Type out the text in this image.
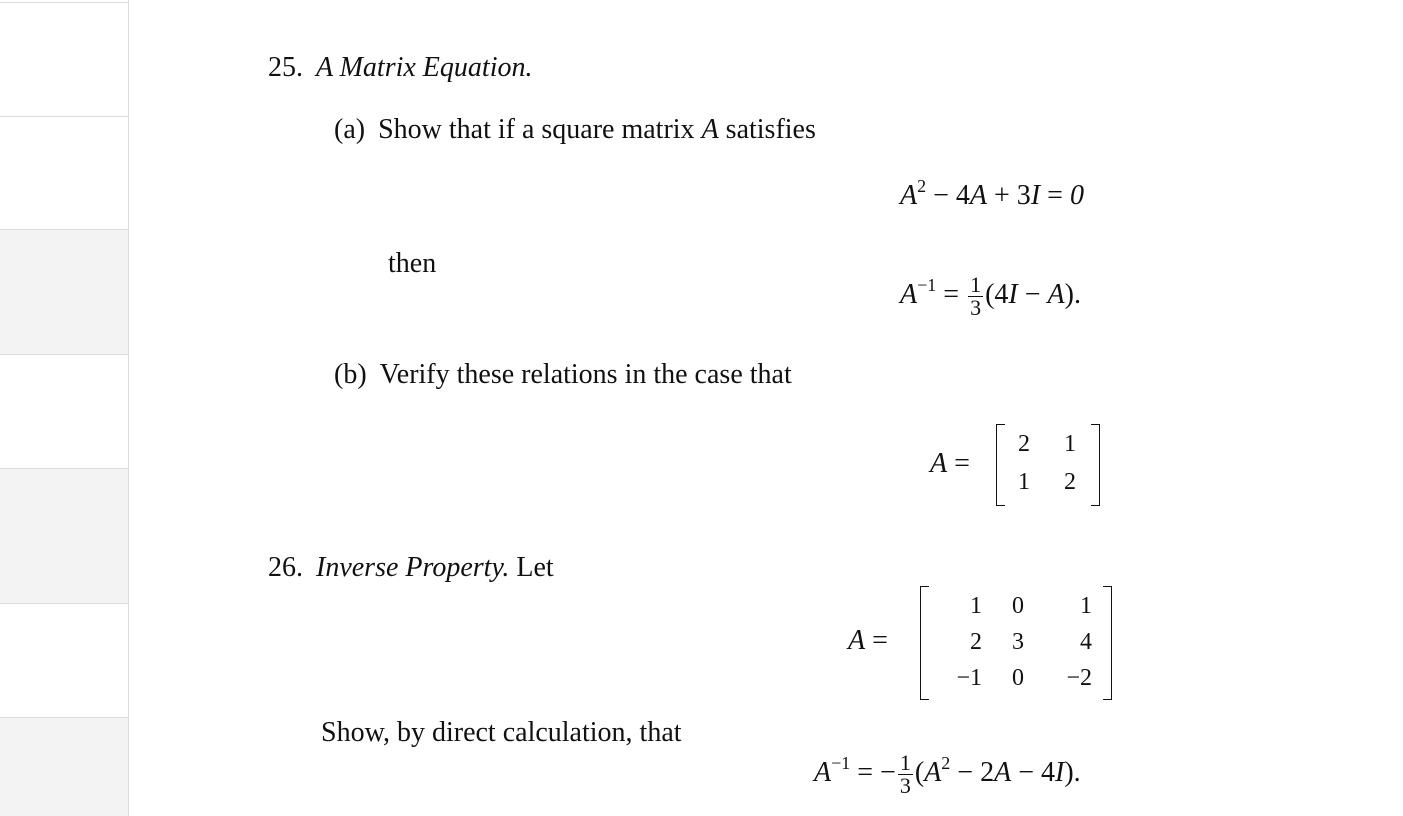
25. A Matrix Equation.
(a) Show that if a square matrix A satisfies
$A^2 - 4A + 3I = 0$
then
$A^{-1} = \frac{1}{3} (4I - A)$.
(b) Verify these relations in the case that
A =
2	1
1	2
26. Inverse Property. Let
A =
1	0	1
2	3	4
−1	0	−2
Show, by direct calculation, that
$A^{-1}$ = − $\frac{1}{3} (A^2 - 2A - 4I)$.
